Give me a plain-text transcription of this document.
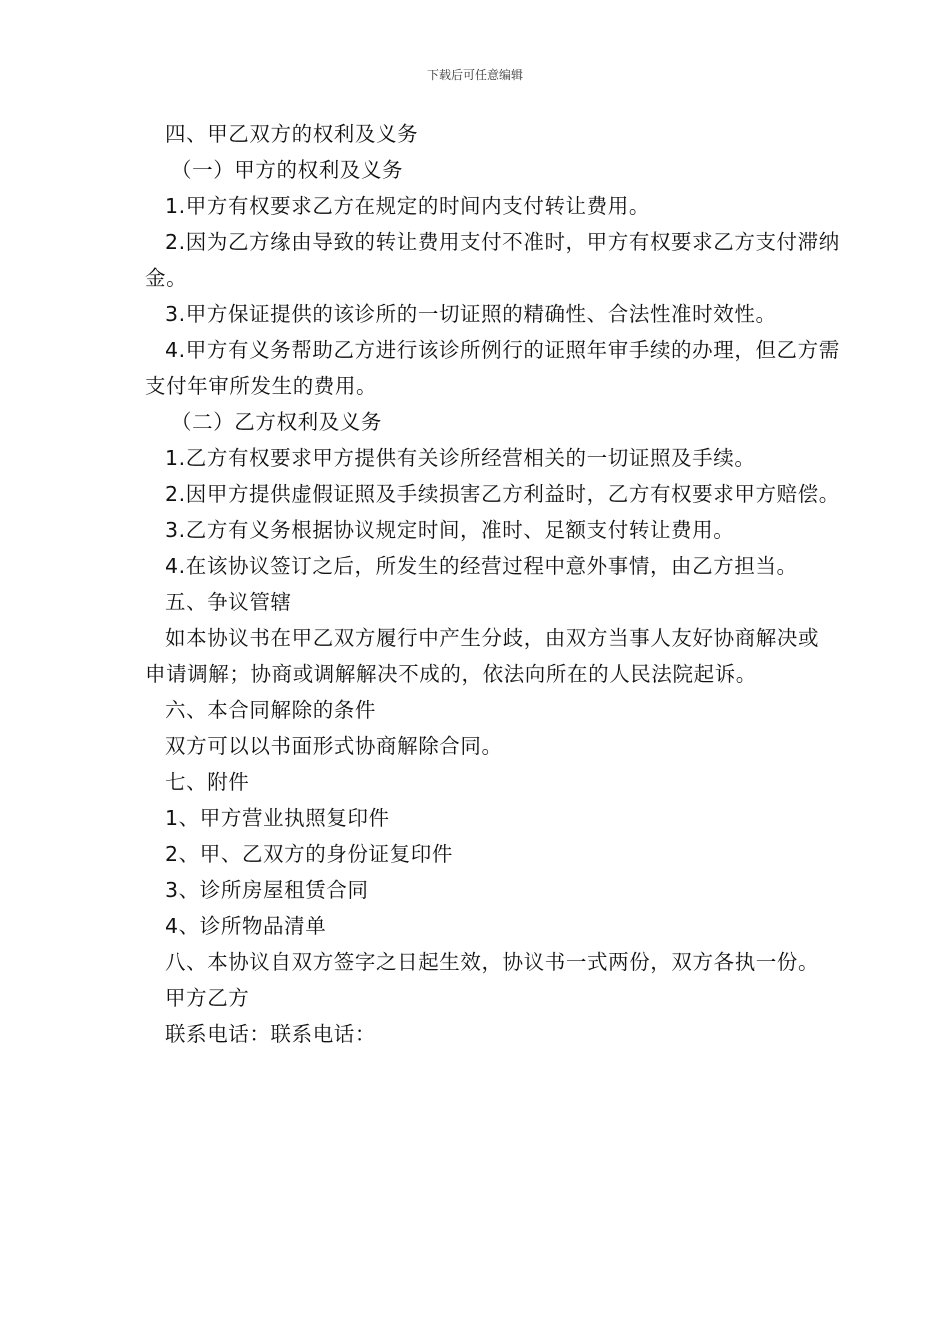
下载后可任意编辑

四、甲乙双方的权利及义务

（一）甲方的权利及义务

1.甲方有权要求乙方在规定的时间内支付转让费用。

2.因为乙方缘由导致的转让费用支付不准时，甲方有权要求乙方支付滞纳金。

3.甲方保证提供的该诊所的一切证照的精确性、合法性准时效性。

4.甲方有义务帮助乙方进行该诊所例行的证照年审手续的办理，但乙方需支付年审所发生的费用。

（二）乙方权利及义务

1.乙方有权要求甲方提供有关诊所经营相关的一切证照及手续。

2.因甲方提供虚假证照及手续损害乙方利益时，乙方有权要求甲方赔偿。

3.乙方有义务根据协议规定时间，准时、足额支付转让费用。

4.在该协议签订之后，所发生的经营过程中意外事情，由乙方担当。

五、争议管辖

如本协议书在甲乙双方履行中产生分歧，由双方当事人友好协商解决或申请调解；协商或调解解决不成的，依法向所在的人民法院起诉。

六、本合同解除的条件

双方可以以书面形式协商解除合同。

七、附件

1、甲方营业执照复印件

2、甲、乙双方的身份证复印件

3、诊所房屋租赁合同

4、诊所物品清单

八、本协议自双方签字之日起生效，协议书一式两份，双方各执一份。

甲方乙方

联系电话：联系电话：
